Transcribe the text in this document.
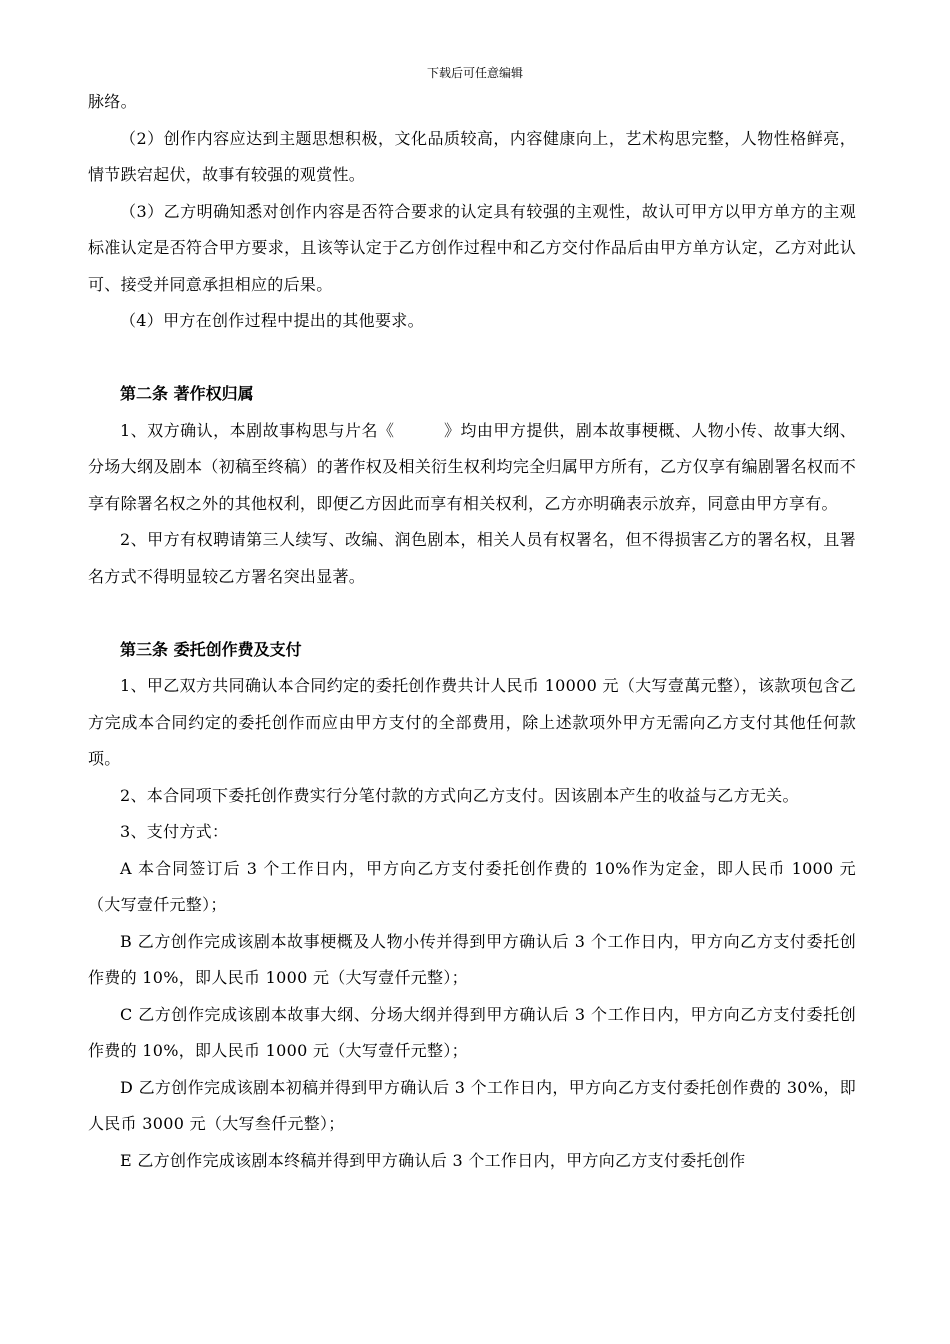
下载后可任意编辑

脉络。

（2）创作内容应达到主题思想积极，文化品质较高，内容健康向上，艺术构思完整，人物性格鲜亮，情节跌宕起伏，故事有较强的观赏性。

（3）乙方明确知悉对创作内容是否符合要求的认定具有较强的主观性，故认可甲方以甲方单方的主观标准认定是否符合甲方要求，且该等认定于乙方创作过程中和乙方交付作品后由甲方单方认定，乙方对此认可、接受并同意承担相应的后果。

（4）甲方在创作过程中提出的其他要求。

第二条 著作权归属

1、双方确认，本剧故事构思与片名《　　　》均由甲方提供，剧本故事梗概、人物小传、故事大纲、分场大纲及剧本（初稿至终稿）的著作权及相关衍生权利均完全归属甲方所有，乙方仅享有编剧署名权而不享有除署名权之外的其他权利，即便乙方因此而享有相关权利，乙方亦明确表示放弃，同意由甲方享有。

2、甲方有权聘请第三人续写、改编、润色剧本，相关人员有权署名，但不得损害乙方的署名权，且署名方式不得明显较乙方署名突出显著。

第三条 委托创作费及支付

1、甲乙双方共同确认本合同约定的委托创作费共计人民币 10000 元（大写壹萬元整），该款项包含乙方完成本合同约定的委托创作而应由甲方支付的全部费用，除上述款项外甲方无需向乙方支付其他任何款项。

2、本合同项下委托创作费实行分笔付款的方式向乙方支付。因该剧本产生的收益与乙方无关。

3、支付方式：

A 本合同签订后 3 个工作日内，甲方向乙方支付委托创作费的 10%作为定金，即人民币 1000 元（大写壹仟元整）；

B 乙方创作完成该剧本故事梗概及人物小传并得到甲方确认后 3 个工作日内，甲方向乙方支付委托创作费的 10%，即人民币 1000 元（大写壹仟元整）；

C 乙方创作完成该剧本故事大纲、分场大纲并得到甲方确认后 3 个工作日内，甲方向乙方支付委托创作费的 10%，即人民币 1000 元（大写壹仟元整）；

D 乙方创作完成该剧本初稿并得到甲方确认后 3 个工作日内，甲方向乙方支付委托创作费的 30%，即人民币 3000 元（大写叁仟元整）；

E 乙方创作完成该剧本终稿并得到甲方确认后 3 个工作日内，甲方向乙方支付委托创作
